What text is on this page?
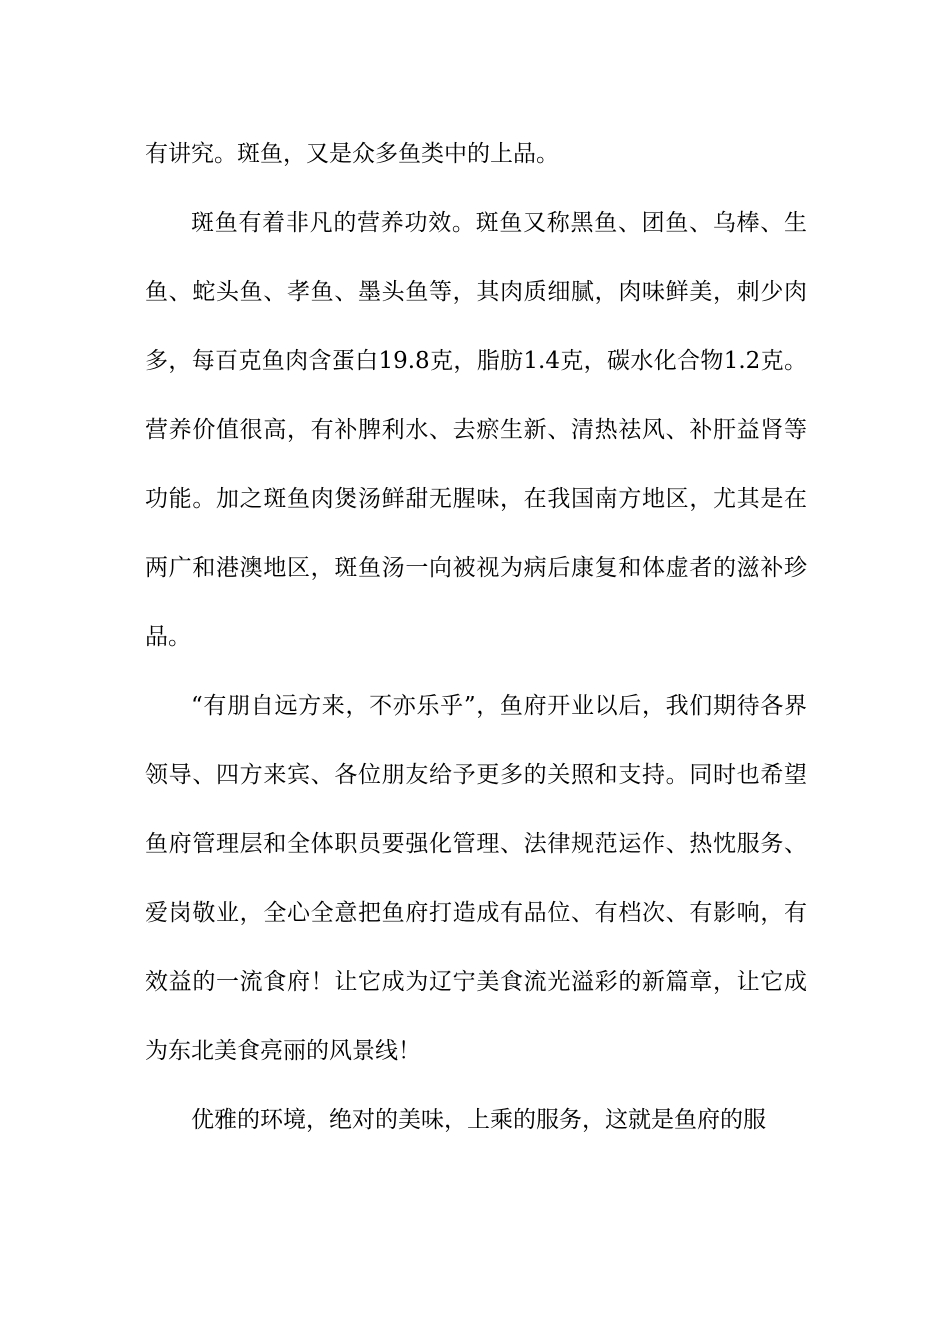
有讲究。斑鱼，又是众多鱼类中的上品。

斑鱼有着非凡的营养功效。斑鱼又称黑鱼、团鱼、乌棒、生鱼、蛇头鱼、孝鱼、墨头鱼等，其肉质细腻，肉味鲜美，刺少肉多，每百克鱼肉含蛋白19.8克，脂肪1.4克，碳水化合物1.2克。营养价值很高，有补脾利水、去瘀生新、清热祛风、补肝益肾等功能。加之斑鱼肉煲汤鲜甜无腥味，在我国南方地区，尤其是在两广和港澳地区，斑鱼汤一向被视为病后康复和体虚者的滋补珍品。

“有朋自远方来，不亦乐乎”，鱼府开业以后，我们期待各界领导、四方来宾、各位朋友给予更多的关照和支持。同时也希望鱼府管理层和全体职员要强化管理、法律规范运作、热忱服务、爱岗敬业，全心全意把鱼府打造成有品位、有档次、有影响，有效益的一流食府！让它成为辽宁美食流光溢彩的新篇章，让它成为东北美食亮丽的风景线！

优雅的环境，绝对的美味，上乘的服务，这就是鱼府的服
